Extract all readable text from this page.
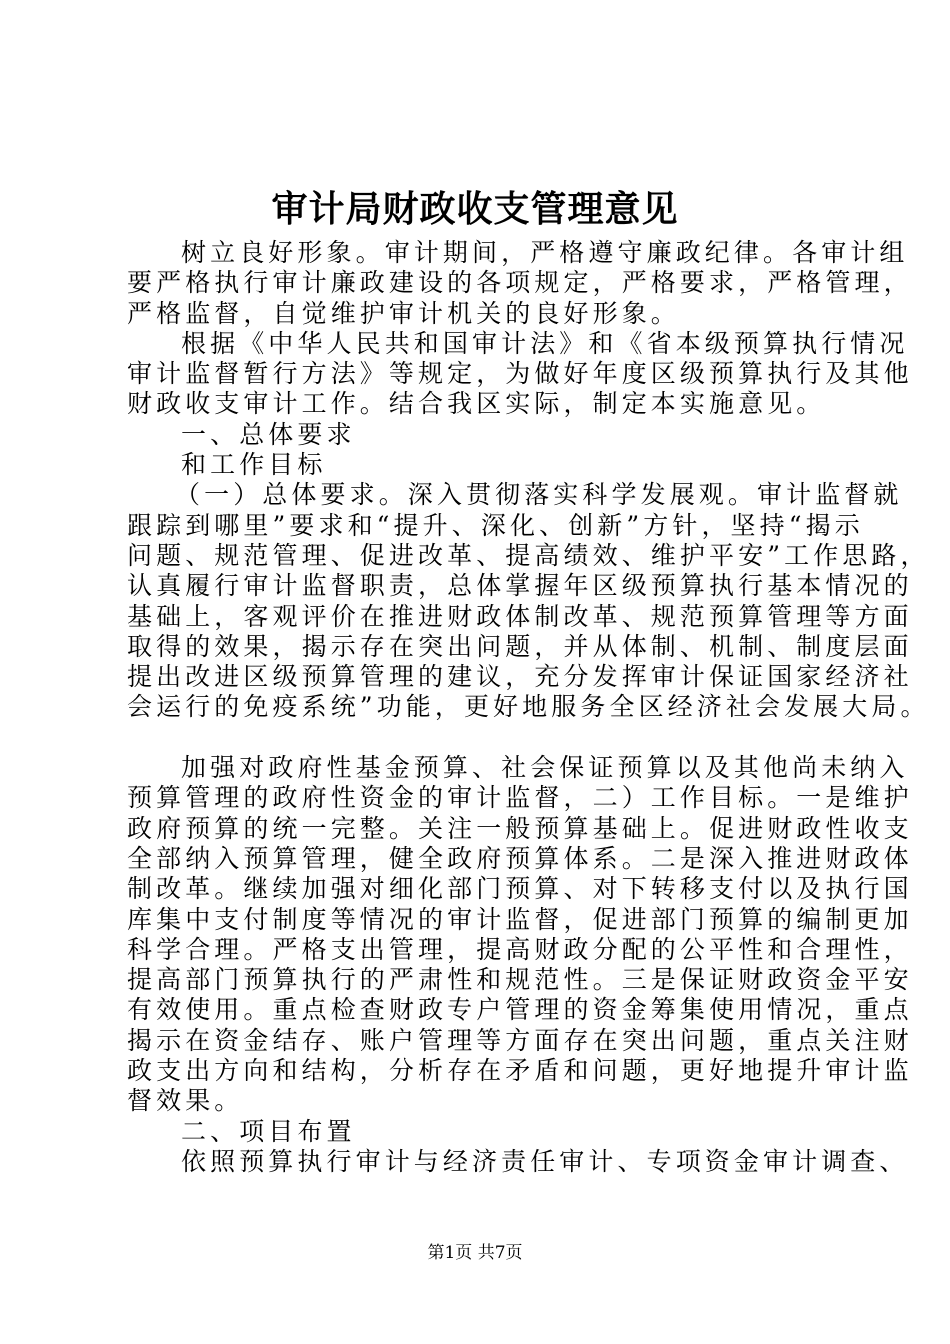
审计局财政收支管理意见
树立良好形象。审计期间，严格遵守廉政纪律。各审计组
要严格执行审计廉政建设的各项规定，严格要求，严格管理，
严格监督，自觉维护审计机关的良好形象。
根据《中华人民共和国审计法》和《省本级预算执行情况
审计监督暂行方法》等规定，为做好年度区级预算执行及其他
财政收支审计工作。结合我区实际，制定本实施意见。
一、总体要求
和工作目标
（一）总体要求。深入贯彻落实科学发展观。审计监督就
跟踪到哪里”要求和“提升、深化、创新”方针，坚持“揭示
问题、规范管理、促进改革、提高绩效、维护平安”工作思路，
认真履行审计监督职责，总体掌握年区级预算执行基本情况的
基础上，客观评价在推进财政体制改革、规范预算管理等方面
取得的效果，揭示存在突出问题，并从体制、机制、制度层面
提出改进区级预算管理的建议，充分发挥审计保证国家经济社
会运行的免疫系统”功能，更好地服务全区经济社会发展大局。
加强对政府性基金预算、社会保证预算以及其他尚未纳入
预算管理的政府性资金的审计监督，二）工作目标。一是维护
政府预算的统一完整。关注一般预算基础上。促进财政性收支
全部纳入预算管理，健全政府预算体系。二是深入推进财政体
制改革。继续加强对细化部门预算、对下转移支付以及执行国
库集中支付制度等情况的审计监督，促进部门预算的编制更加
科学合理。严格支出管理，提高财政分配的公平性和合理性，
提高部门预算执行的严肃性和规范性。三是保证财政资金平安
有效使用。重点检查财政专户管理的资金筹集使用情况，重点
揭示在资金结存、账户管理等方面存在突出问题，重点关注财
政支出方向和结构，分析存在矛盾和问题，更好地提升审计监
督效果。
二、项目布置
依照预算执行审计与经济责任审计、专项资金审计调查、
第1页 共7页
